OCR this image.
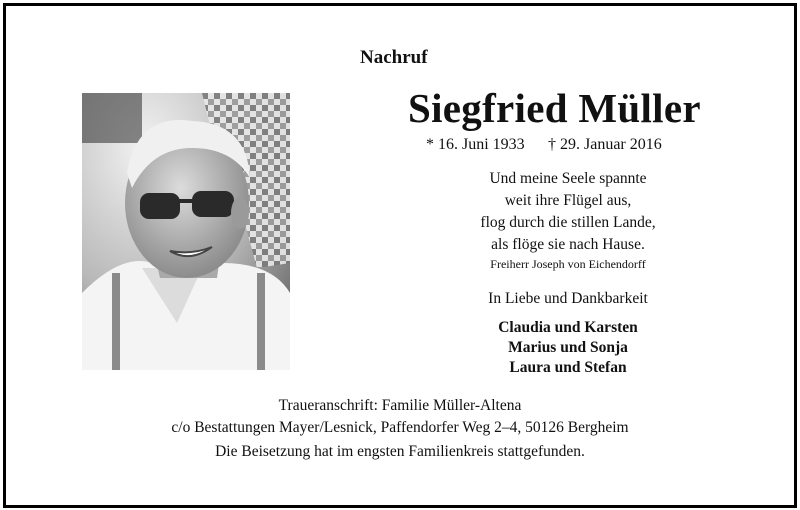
Nachruf
Siegfried Müller
* 16. Juni 1933 † 29. Januar 2016
Und meine Seele spannte
weit ihre Flügel aus,
flog durch die stillen Lande,
als flöge sie nach Hause.
Freiherr Joseph von Eichendorff
In Liebe und Dankbarkeit
Claudia und Karsten
Marius und Sonja
Laura und Stefan
Traueranschrift: Familie Müller-Altena
c/o Bestattungen Mayer/Lesnick, Paffendorfer Weg 2–4, 50126 Bergheim
Die Beisetzung hat im engsten Familienkreis stattgefunden.
